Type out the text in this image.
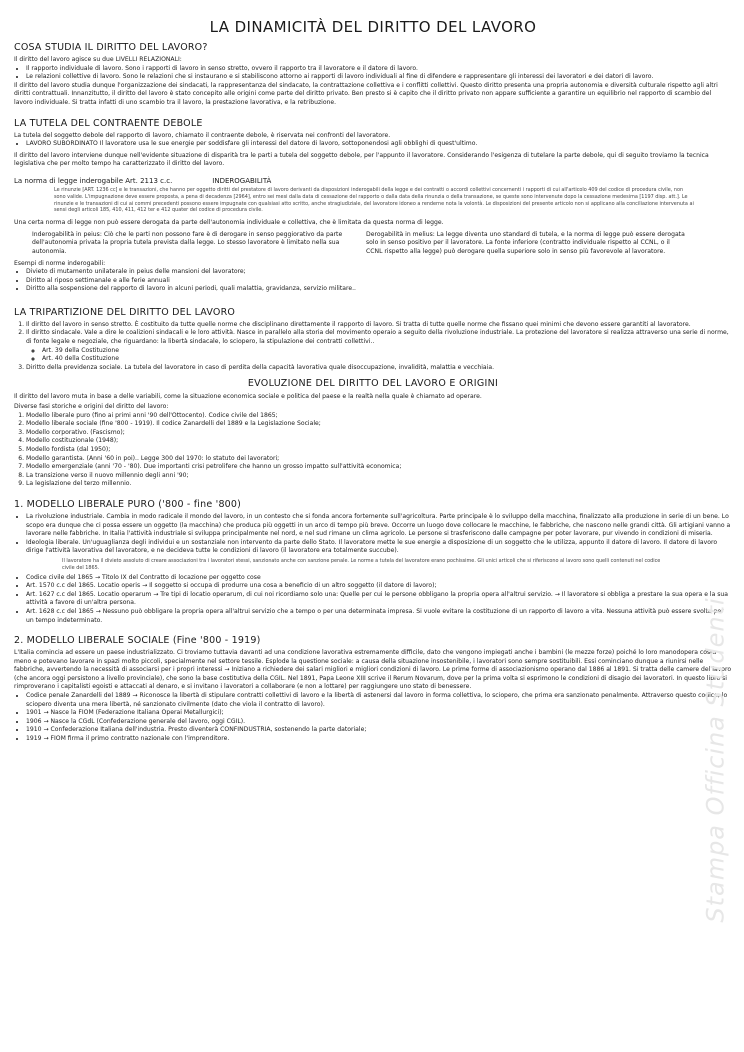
LA DINAMICITÀ DEL DIRITTO DEL LAVORO
COSA STUDIA IL DIRITTO DEL LAVORO?

Il diritto del lavoro agisce su due LIVELLI RELAZIONALI:

• Il rapporto individuale di lavoro. Sono i rapporti di lavoro in senso stretto, ovvero il rapporto tra il lavoratore e il datore di lavoro.
• Le relazioni collettive di lavoro. Sono le relazioni che si instaurano e si stabiliscono attorno ai rapporti di lavoro individuali al fine di difendere e rappresentare gli interessi dei lavoratori e dei datori di lavoro.

Il diritto del lavoro studia dunque l'organizzazione dei sindacati, la rappresentanza del sindacato, la contrattazione collettiva e i conflitti collettivi. Questo diritto presenta una propria autonomia e diversità culturale rispetto agli altri diritti contrattuali. Innanzitutto, il diritto del lavoro è stato concepito alle origini come parte del diritto privato. Ben presto si è capito che il diritto privato non appare sufficiente a garantire un equilibrio nel rapporto di scambio del lavoro individuale. Si tratta infatti di uno scambio tra il lavoro, la prestazione lavorativa, e la retribuzione.

LA TUTELA DEL CONTRAENTE DEBOLE

La tutela del soggetto debole del rapporto di lavoro, chiamato il contraente debole, è riservata nei confronti del lavoratore.

• LAVORO SUBORDINATO Il lavoratore usa le sue energie per soddisfare gli interessi del datore di lavoro, sottoponendosi agli obblighi di quest'ultimo.

Il diritto del lavoro interviene dunque nell'evidente situazione di disparità tra le parti a tutela del soggetto debole, per l'appunto il lavoratore. Considerando l'esigenza di tutelare la parte debole, qui di seguito troviamo la tecnica legislativa che per molto tempo ha caratterizzato il diritto del lavoro.

La norma di legge inderogabile Art. 2113 c.c.	INDEROGABILITÀ
Le rinunzie [ART. 1236 cc] e le transazioni, che hanno per oggetto diritti del prestatore di lavoro derivanti da disposizioni inderogabili della legge e dei contratti o accordi collettivi concernenti i rapporti di cui all'articolo 409 del codice di procedura civile, non sono valide. L'impugnazione deve essere proposta, a pena di decadenza [2964], entro sei mesi dalla data di cessazione del rapporto o dalla data della rinunzia o della transazione, se queste sono intervenute dopo la cessazione medesima [1197 disp. att.]. Le rinunzie e le transazioni di cui ai commi precedenti possono essere impugnate con qualsiasi atto scritto, anche stragiudiziale, del lavoratore idoneo a renderne nota la volontà. Le disposizioni del presente articolo non si applicano alla conciliazione intervenuta ai sensi degli articoli 185, 410, 411, 412 ter e 412 quater del codice di procedura civile.

Una certa norma di legge non può essere derogata da parte dell'autonomia individuale e collettiva, che è limitata da questa norma di legge.

Inderogabilità in peius: Ciò che le parti non possono fare è di derogare in senso peggiorativo da parte dell'autonomia privata la propria tutela prevista dalla legge. Lo stesso lavoratore è limitato nella sua autonomia.
Derogabilità in melius: La legge diventa uno standard di tutela, e la norma di legge può essere derogata solo in senso positivo per il lavoratore. La fonte inferiore (contratto individuale rispetto al CCNL, o il CCNL rispetto alla legge) può derogare quella superiore solo in senso più favorevole al lavoratore.

Esempi di norme inderogabili:

• Divieto di mutamento unilaterale in peius delle mansioni del lavoratore;
• Diritto al riposo settimanale e alle ferie annuali
• Diritto alla sospensione del rapporto di lavoro in alcuni periodi, quali malattia, gravidanza, servizio militare..
LA TRIPARTIZIONE DEL DIRITTO DEL LAVORO
1. Il diritto del lavoro in senso stretto. È costituito da tutte quelle norme che disciplinano direttamente il rapporto di lavoro. Si tratta di tutte quelle norme che fissano quei minimi che devono essere garantiti al lavoratore.
2. Il diritto sindacale. Vale a dire le coalizioni sindacali e le loro attività. Nasce in parallelo alla storia del movimento operaio a seguito della rivoluzione industriale. La protezione del lavoratore si realizza attraverso una serie di norme, di fonte legale e negoziale, che riguardano: la libertà sindacale, lo sciopero, la stipulazione dei contratti collettivi..
◦ Art. 39 della Costituzione
◦ Art. 40 della Costituzione
3. Diritto della previdenza sociale. La tutela del lavoratore in caso di perdita della capacità lavorativa quale disoccupazione, invalidità, malattia e vecchiaia.
EVOLUZIONE DEL DIRITTO DEL LAVORO E ORIGINI

Il diritto del lavoro muta in base a delle variabili, come la situazione economica sociale e politica del paese e la realtà nella quale è chiamato ad operare.

Diverse fasi storiche e origini del diritto del lavoro:

1. Modello liberale puro (fino ai primi anni '90 dell'Ottocento). Codice civile del 1865;
2. Modello liberale sociale (fine '800 - 1919). Il codice Zanardelli del 1889 e la Legislazione Sociale;
3. Modello corporativo. (Fascismo);
4. Modello costituzionale (1948);
5. Modello fordista (dal 1950);
6. Modello garantista. (Anni '60 in poi).. Legge 300 del 1970: lo statuto dei lavoratori;
7. Modello emergenziale (anni '70 - '80). Due importanti crisi petrolifere che hanno un grosso impatto sull'attività economica;
8. La transizione verso il nuovo millennio degli anni '90;
9. La legislazione del terzo millennio.
1. MODELLO LIBERALE PURO ('800 - fine '800)
• La rivoluzione industriale. Cambia in modo radicale il mondo del lavoro, in un contesto che si fonda ancora fortemente sull'agricoltura. Parte principale è lo sviluppo della macchina, finalizzato alla produzione in serie di un bene. Lo scopo era dunque che ci possa essere un oggetto (la macchina) che produca più oggetti in un arco di tempo più breve. Occorre un luogo dove collocare le macchine, le fabbriche, che nascono nelle grandi città. Gli artigiani vanno a lavorare nelle fabbriche. In Italia l'attività industriale si sviluppa principalmente nel nord, e nel sud rimane un clima agricolo. Le persone si trasferiscono dalle campagne per poter lavorare, pur vivendo in condizioni di miseria.
• Ideologia liberale. Un'uguaglianza degli individui e un sostanziale non intervento da parte dello Stato. Il lavoratore mette le sue energie a disposizione di un soggetto che le utilizza, appunto il datore di lavoro. Il datore di lavoro dirige l'attività lavorativa del lavoratore, e ne decideva tutte le condizioni di lavoro (il lavoratore era totalmente succube).
Il lavoratore ha il divieto assoluto di creare associazioni tra i lavoratori stessi, sanzionato anche con sanzione penale. Le norme a tutela del lavoratore erano pochissime. Gli unici articoli che si riferiscono al lavoro sono quelli contenuti nel codice civile del 1865.
• Codice civile del 1865 → Titolo IX del Contratto di locazione per oggetto cose
• Art. 1570 c.c del 1865. Locatio operis → Il soggetto si occupa di produrre una cosa a beneficio di un altro soggetto (il datore di lavoro);
• Art. 1627 c.c del 1865. Locatio operarum → Tre tipi di locatio operarum, di cui noi ricordiamo solo una: Quelle per cui le persone obbligano la propria opera all'altrui servizio. → Il lavoratore si obbliga a prestare la sua opera e la sua attività a favore di un'altra persona.
• Art. 1628 c.c del 1865 → Nessuno può obbligare la propria opera all'altrui servizio che a tempo o per una determinata impresa. Si vuole evitare la costituzione di un rapporto di lavoro a vita. Nessuna attività può essere svolta per un tempo indeterminato.
2. MODELLO LIBERALE SOCIALE (Fine '800 - 1919)

L'Italia comincia ad essere un paese industrializzato. Ci troviamo tuttavia davanti ad una condizione lavorativa estremamente difficile, dato che vengono impiegati anche i bambini (le mezze forze) poiché lo loro manodopera costa meno e potevano lavorare in spazi molto piccoli, specialmente nel settore tessile. Esplode la questione sociale: a causa della situazione insostenibile, i lavoratori sono sempre sostituibili. Essi cominciano dunque a riunirsi nelle fabbriche, avvertendo la necessità di associarsi per i propri interessi → Iniziano a richiedere dei salari migliori e migliori condizioni di lavoro. Le prime forme di associazionismo operano dal 1886 al 1891. Si tratta delle camere del lavoro (che ancora oggi persistono a livello provinciale), che sono la base costitutiva della CGIL. Nel 1891, Papa Leone XIII scrive il Rerum Novarum, dove per la prima volta si esprimono le condizioni di disagio dei lavoratori. In questo libro si rimproverano i capitalisti egoisti e attaccati al denaro, e si invitano i lavoratori a collaborare (e non a lottare) per raggiungere uno stato di benessere.

• Codice penale Zanardelli del 1889 → Riconosce la libertà di stipulare contratti collettivi di lavoro e la libertà di astenersi dal lavoro in forma collettiva, lo sciopero, che prima era sanzionato penalmente. Attraverso questo codice, lo sciopero diventa una mera libertà, né sanzionato civilmente (dato che viola il contratto di lavoro).
• 1901 → Nasce la FIOM (Federazione Italiana Operai Metallurgici);
• 1906 → Nasce la CGdL (Confederazione generale del lavoro, oggi CGIL).
• 1910 → Confederazione Italiana dell'industria. Presto diventerà CONFINDUSTRIA, sostenendo la parte datoriale;
• 1919 → FIOM firma il primo contratto nazionale con l'imprenditore.	Stampa Officina Studenti
